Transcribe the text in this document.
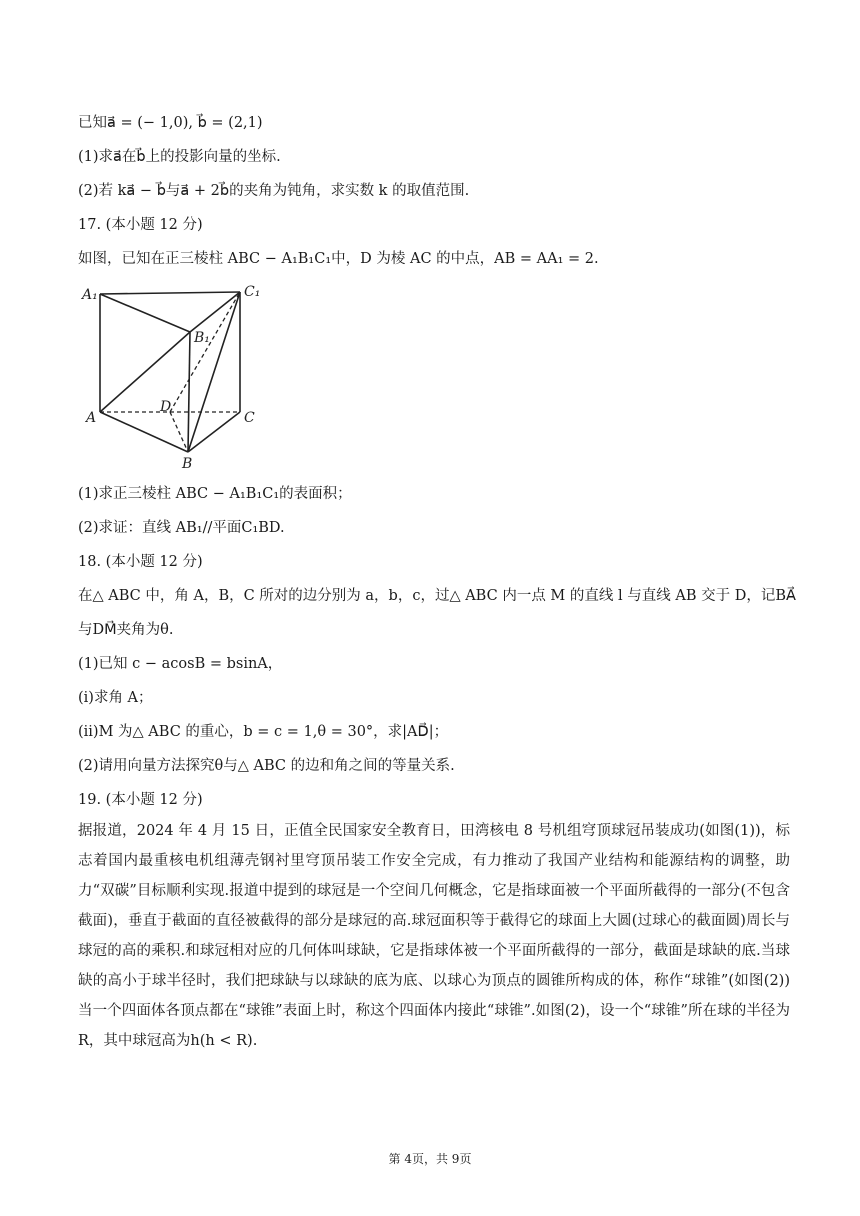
已知a⃗ = (− 1,0), b⃗ = (2,1)
(1)求a⃗在b⃗上的投影向量的坐标.
(2)若 ka⃗ − b⃗与a⃗ + 2b⃗的夹角为钝角，求实数 k 的取值范围.
17. (本小题 12 分)
如图，已知在正三棱柱 ABC − A₁B₁C₁中，D 为棱 AC 的中点，AB = AA₁ = 2.
A₁	C₁
B₁
A	C
B
D
(1)求正三棱柱 ABC − A₁B₁C₁的表面积；
(2)求证：直线 AB₁//平面C₁BD.
18. (本小题 12 分)
在△ ABC 中，角 A，B，C 所对的边分别为 a，b，c，过△ ABC 内一点 M 的直线 l 与直线 AB 交于 D，记BA⃗
与DM⃗夹角为θ.
(1)已知 c − acosB = bsinA，
(i)求角 A；
(ii)M 为△ ABC 的重心，b = c = 1,θ = 30°，求|AD⃗|；
(2)请用向量方法探究θ与△ ABC 的边和角之间的等量关系.
19. (本小题 12 分)
据报道，2024 年 4 月 15 日，正值全民国家安全教育日，田湾核电 8 号机组穹顶球冠吊装成功(如图(1))，标志着国内最重核电机组薄壳钢衬里穹顶吊装工作安全完成，有力推动了我国产业结构和能源结构的调整，助力“双碳”目标顺利实现.报道中提到的球冠是一个空间几何概念，它是指球面被一个平面所截得的一部分(不包含截面)，垂直于截面的直径被截得的部分是球冠的高.球冠面积等于截得它的球面上大圆(过球心的截面圆)周长与球冠的高的乘积.和球冠相对应的几何体叫球缺，它是指球体被一个平面所截得的一部分，截面是球缺的底.当球缺的高小于球半径时，我们把球缺与以球缺的底为底、以球心为顶点的圆锥所构成的体，称作“球锥”(如图(2))当一个四面体各顶点都在“球锥”表面上时，称这个四面体内接此“球锥”.如图(2)，设一个“球锥”所在球的半径为 R，其中球冠高为h(h < R).
第 4页，共 9页
